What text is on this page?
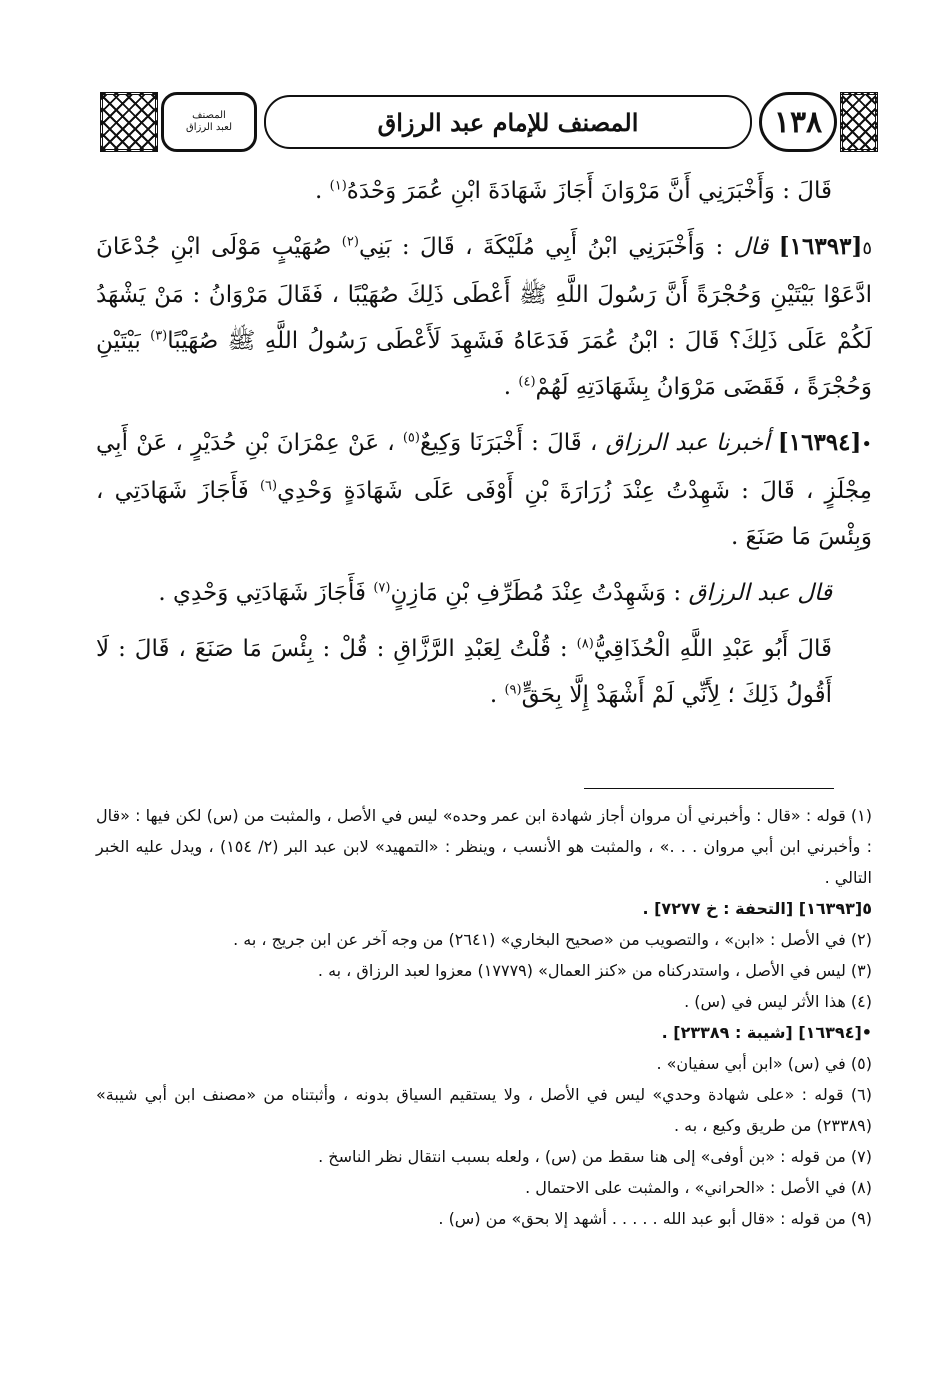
١٣٨
المصنف للإمام عبد الرزاق
المصنف
لعبد الرزاق

قَالَ : وَأَخْبَرَنِي أَنَّ مَرْوَانَ أَجَازَ شَهَادَةَ ابْنِ عُمَرَ وَحْدَهُ$^{(١)}$ .

٥[١٦٣٩٣] قال : وَأَخْبَرَنِي ابْنُ أَبِي مُلَيْكَةَ ، قَالَ : بَنِي$^{(٢)}$ صُهَيْبٍ مَوْلَى ابْنِ جُدْعَانَ ادَّعَوْا بَيْتَيْنِ وَحُجْرَةً أَنَّ رَسُولَ اللَّهِ ﷺ أَعْطَى ذَلِكَ صُهَيْبًا ، فَقَالَ مَرْوَانُ : مَنْ يَشْهَدُ لَكُمْ عَلَى ذَلِكَ؟ قَالَ : ابْنُ عُمَرَ فَدَعَاهُ فَشَهِدَ لَأَعْطَى رَسُولُ اللَّهِ ﷺ صُهَيْبًا$^{(٣)}$ بَيْتَيْنِ وَحُجْرَةً ، فَقَضَى مَرْوَانُ بِشَهَادَتِهِ لَهُمْ$^{(٤)}$ .

•[١٦٣٩٤] أخبرنا عبد الرزاق ، قَالَ : أَخْبَرَنَا وَكِيعٌ$^{(٥)}$ ، عَنْ عِمْرَانَ بْنِ حُدَيْرٍ ، عَنْ أَبِي مِجْلَزٍ ، قَالَ : شَهِدْتُ عِنْدَ زُرَارَةَ بْنِ أَوْفَى عَلَى شَهَادَةٍ وَحْدِي$^{(٦)}$ فَأَجَازَ شَهَادَتِي ، وَبِئْسَ مَا صَنَعَ .

قال عبد الرزاق : وَشَهِدْتُ عِنْدَ مُطَرِّفِ بْنِ مَازِنٍ$^{(٧)}$ فَأَجَازَ شَهَادَتِي وَحْدِي .

قَالَ أَبُو عَبْدِ اللَّهِ الْحُذَاقِيُّ$^{(٨)}$ : قُلْتُ لِعَبْدِ الرَّزَّاقِ : قُلْ : بِئْسَ مَا صَنَعَ ، قَالَ : لَا أَقُولُ ذَلِكَ ؛ لِأَنِّي لَمْ أَشْهَدْ إِلَّا بِحَقٍّ$^{(٩)}$ .

(١) قوله : «قال : وأخبرني أن مروان أجاز شهادة ابن عمر وحده» ليس في الأصل ، والمثبت من (س) لكن فيها : «قال : وأخبرني ابن أبي مروان . . .» ، والمثبت هو الأنسب ، وينظر : «التمهيد» لابن عبد البر (٢/ ١٥٤) ، ويدل عليه الخبر التالي .

٥[١٦٣٩٣] [التحفة : خ ٧٢٧٧] .

(٢) في الأصل : «ابن» ، والتصويب من «صحيح البخاري» (٢٦٤١) من وجه آخر عن ابن جريج ، به .

(٣) ليس في الأصل ، واستدركناه من «كنز العمال» (١٧٧٧٩) معزوا لعبد الرزاق ، به .

(٤) هذا الأثر ليس في (س) .

•[١٦٣٩٤] [شيبة : ٢٣٣٨٩] .

(٥) في (س) «ابن أبي سفيان» .

(٦) قوله : «على شهادة وحدي» ليس في الأصل ، ولا يستقيم السياق بدونه ، وأثبتناه من «مصنف ابن أبي شيبة» (٢٣٣٨٩) من طريق وكيع ، به .

(٧) من قوله : «بن أوفى» إلى هنا سقط من (س) ، ولعله بسبب انتقال نظر الناسخ .

(٨) في الأصل : «الحراني» ، والمثبت على الاحتمال .

(٩) من قوله : «قال أبو عبد الله . . . . . أشهد إلا بحق» من (س) .
